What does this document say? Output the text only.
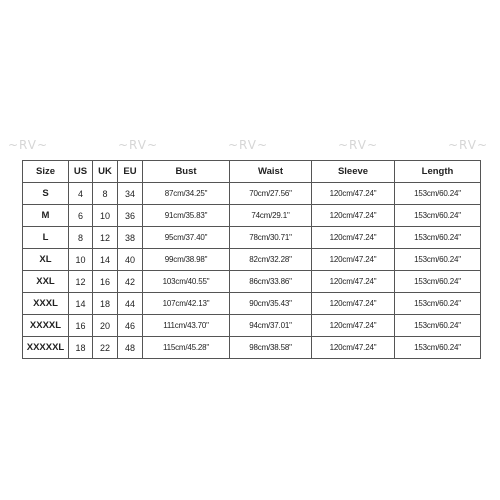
~RV~	~RV~	~RV~	~RV~	~RV~
Size	US	UK	EU	Bust	Waist	Sleeve	Length
S	4	8	34	87cm/34.25"	70cm/27.56"	120cm/47.24"	153cm/60.24"
M	6	10	36	91cm/35.83"	74cm/29.1"	120cm/47.24"	153cm/60.24"
L	8	12	38	95cm/37.40"	78cm/30.71"	120cm/47.24"	153cm/60.24"
XL	10	14	40	99cm/38.98"	82cm/32.28"	120cm/47.24"	153cm/60.24"
XXL	12	16	42	103cm/40.55"	86cm/33.86"	120cm/47.24"	153cm/60.24"
XXXL	14	18	44	107cm/42.13"	90cm/35.43"	120cm/47.24"	153cm/60.24"
XXXXL	16	20	46	111cm/43.70"	94cm/37.01"	120cm/47.24"	153cm/60.24"
XXXXXL	18	22	48	115cm/45.28"	98cm/38.58"	120cm/47.24"	153cm/60.24"
